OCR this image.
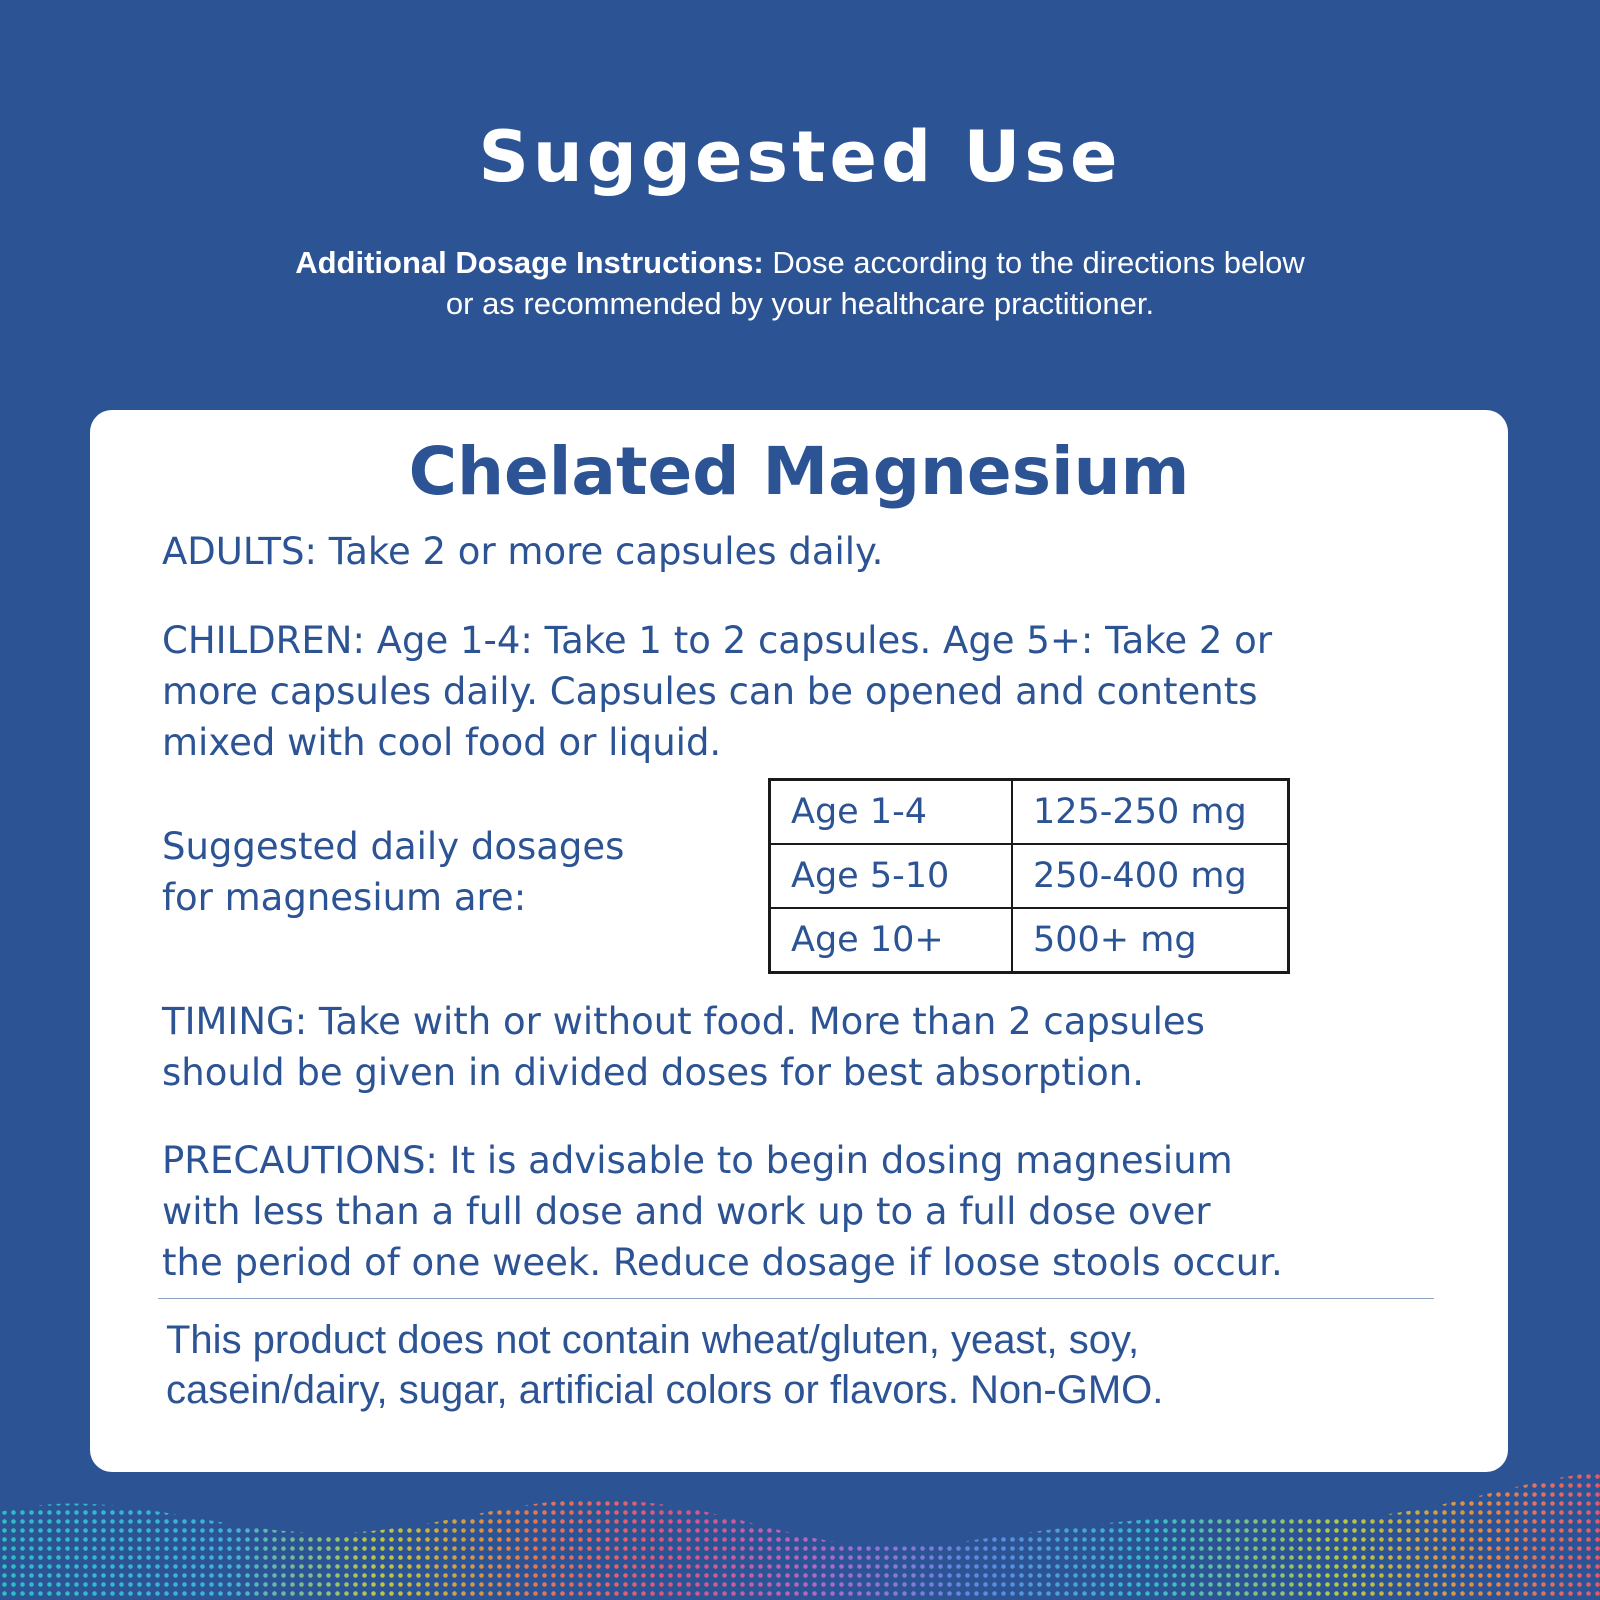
Suggested Use
Additional Dosage Instructions: Dose according to the directions below
or as recommended by your healthcare practitioner.
Chelated Magnesium
ADULTS: Take 2 or more capsules daily.
CHILDREN: Age 1-4: Take 1 to 2 capsules. Age 5+: Take 2 or
more capsules daily. Capsules can be opened and contents
mixed with cool food or liquid.
Suggested daily dosages
for magnesium are:
Age 1-4	125-250 mg
Age 5-10	250-400 mg
Age 10+	500+ mg
TIMING: Take with or without food. More than 2 capsules
should be given in divided doses for best absorption.
PRECAUTIONS: It is advisable to begin dosing magnesium
with less than a full dose and work up to a full dose over
the period of one week. Reduce dosage if loose stools occur.
This product does not contain wheat/gluten, yeast, soy,
casein/dairy, sugar, artificial colors or flavors. Non-GMO.
